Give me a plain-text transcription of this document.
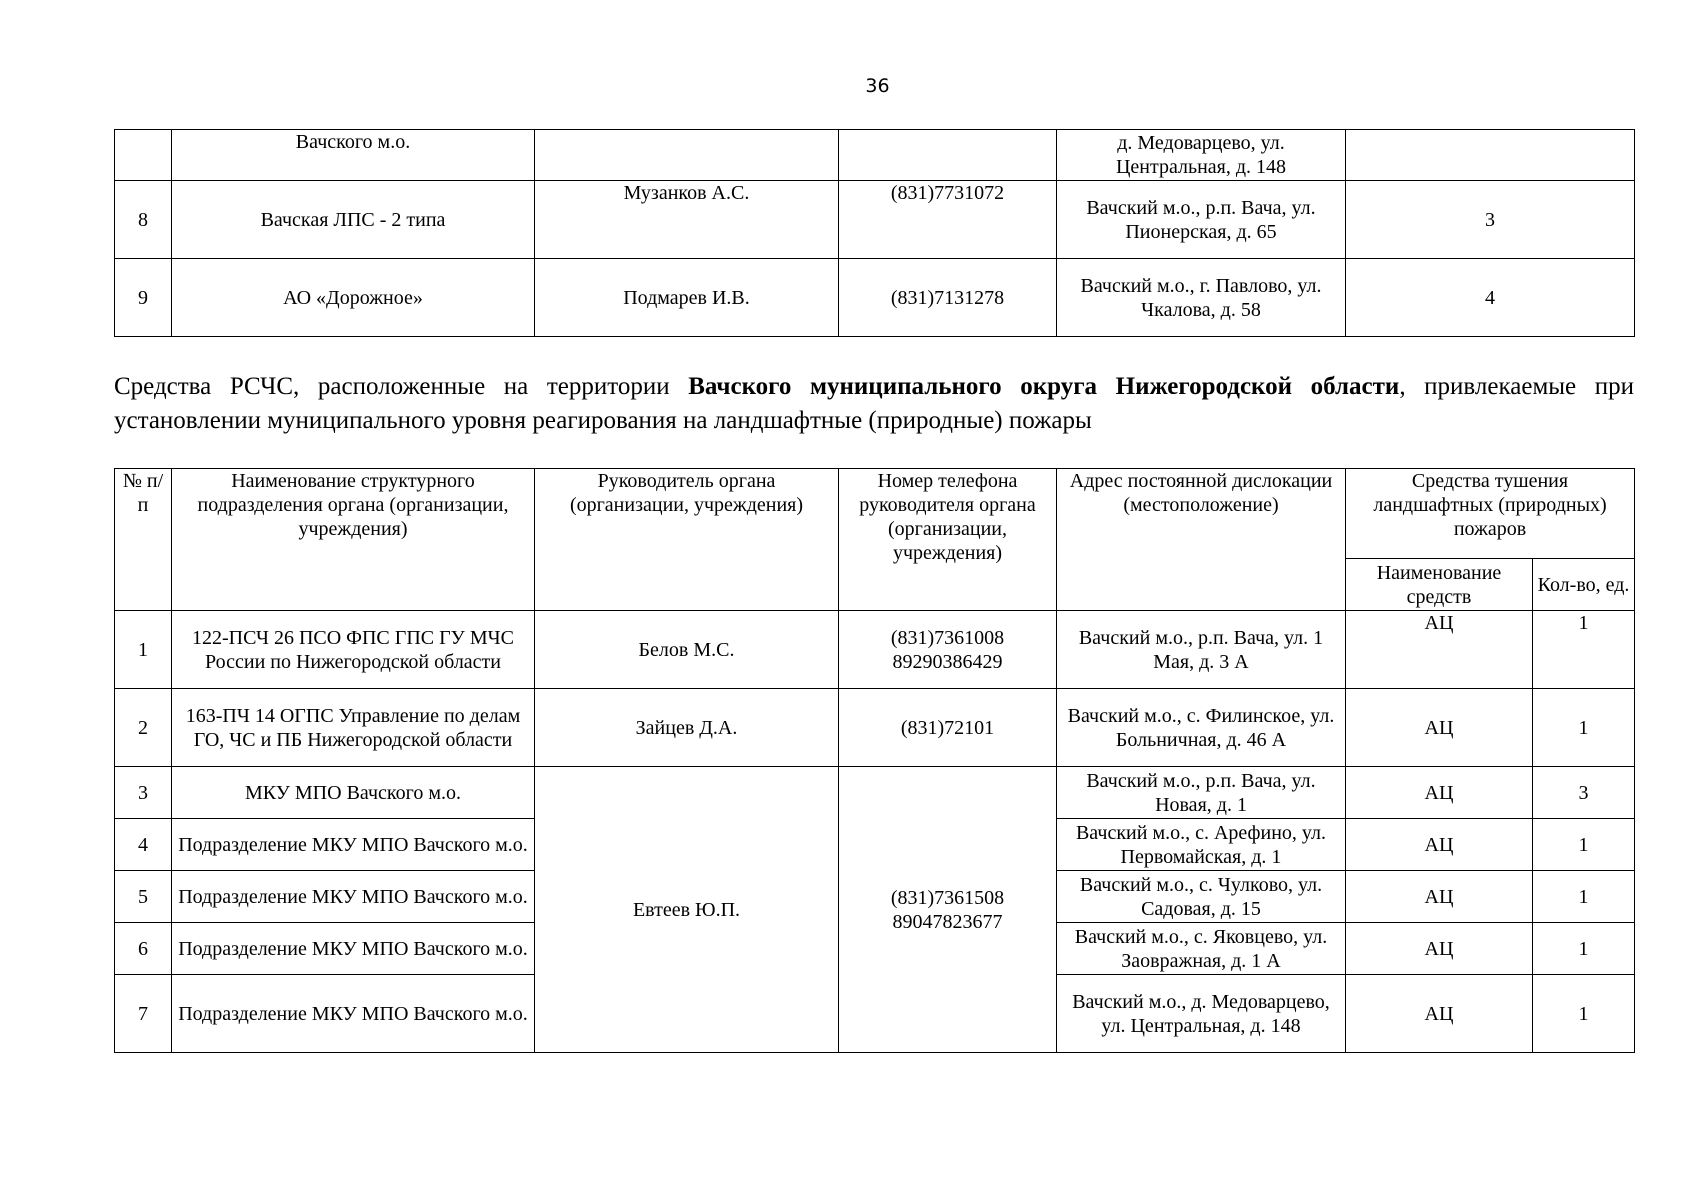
36
	Вачского м.о.			д. Медоварцево, ул. Центральная, д. 148	
8	Вачская ЛПС - 2 типа	Музанков А.С.	(831)7731072	Вачский м.о., р.п. Вача, ул. Пионерская, д. 65	3
9	АО «Дорожное»	Подмарев И.В.	(831)7131278	Вачский м.о., г. Павлово, ул. Чкалова, д. 58	4
Средства РСЧС, расположенные на территории Вачского муниципального округа Нижегородской области, привлекаемые при установлении муниципального уровня реагирования на ландшафтные (природные) пожары
№ п/п	Наименование структурного подразделения органа (организации, учреждения)	Руководитель органа (организации, учреждения)	Номер телефона руководителя органа (организации, учреждения)	Адрес постоянной дислокации (местоположение)	Средства тушения ландшафтных (природных) пожаров	
					Наименование средств	Кол-во, ед.
1	122-ПСЧ 26 ПСО ФПС ГПС ГУ МЧС России по Нижегородской области	Белов М.С.	(831)7361008 89290386429	Вачский м.о., р.п. Вача, ул. 1 Мая, д. 3 А	АЦ	1
2	163-ПЧ 14 ОГПС Управление по делам ГО, ЧС и ПБ Нижегородской области	Зайцев Д.А.	(831)72101	Вачский м.о., с. Филинское, ул. Больничная, д. 46 А	АЦ	1
3	МКУ МПО Вачского м.о.	Евтеев Ю.П.	(831)7361508 89047823677	Вачский м.о., р.п. Вача, ул. Новая, д. 1	АЦ	3
4	Подразделение МКУ МПО Вачского м.о.			Вачский м.о., с. Арефино, ул. Первомайская, д. 1	АЦ	1
5	Подразделение МКУ МПО Вачского м.о.			Вачский м.о., с. Чулково, ул. Садовая, д. 15	АЦ	1
6	Подразделение МКУ МПО Вачского м.о.			Вачский м.о., с. Яковцево, ул. Заовражная, д. 1 А	АЦ	1
7	Подразделение МКУ МПО Вачского м.о.			Вачский м.о., д. Медоварцево, ул. Центральная, д. 148	АЦ	1
